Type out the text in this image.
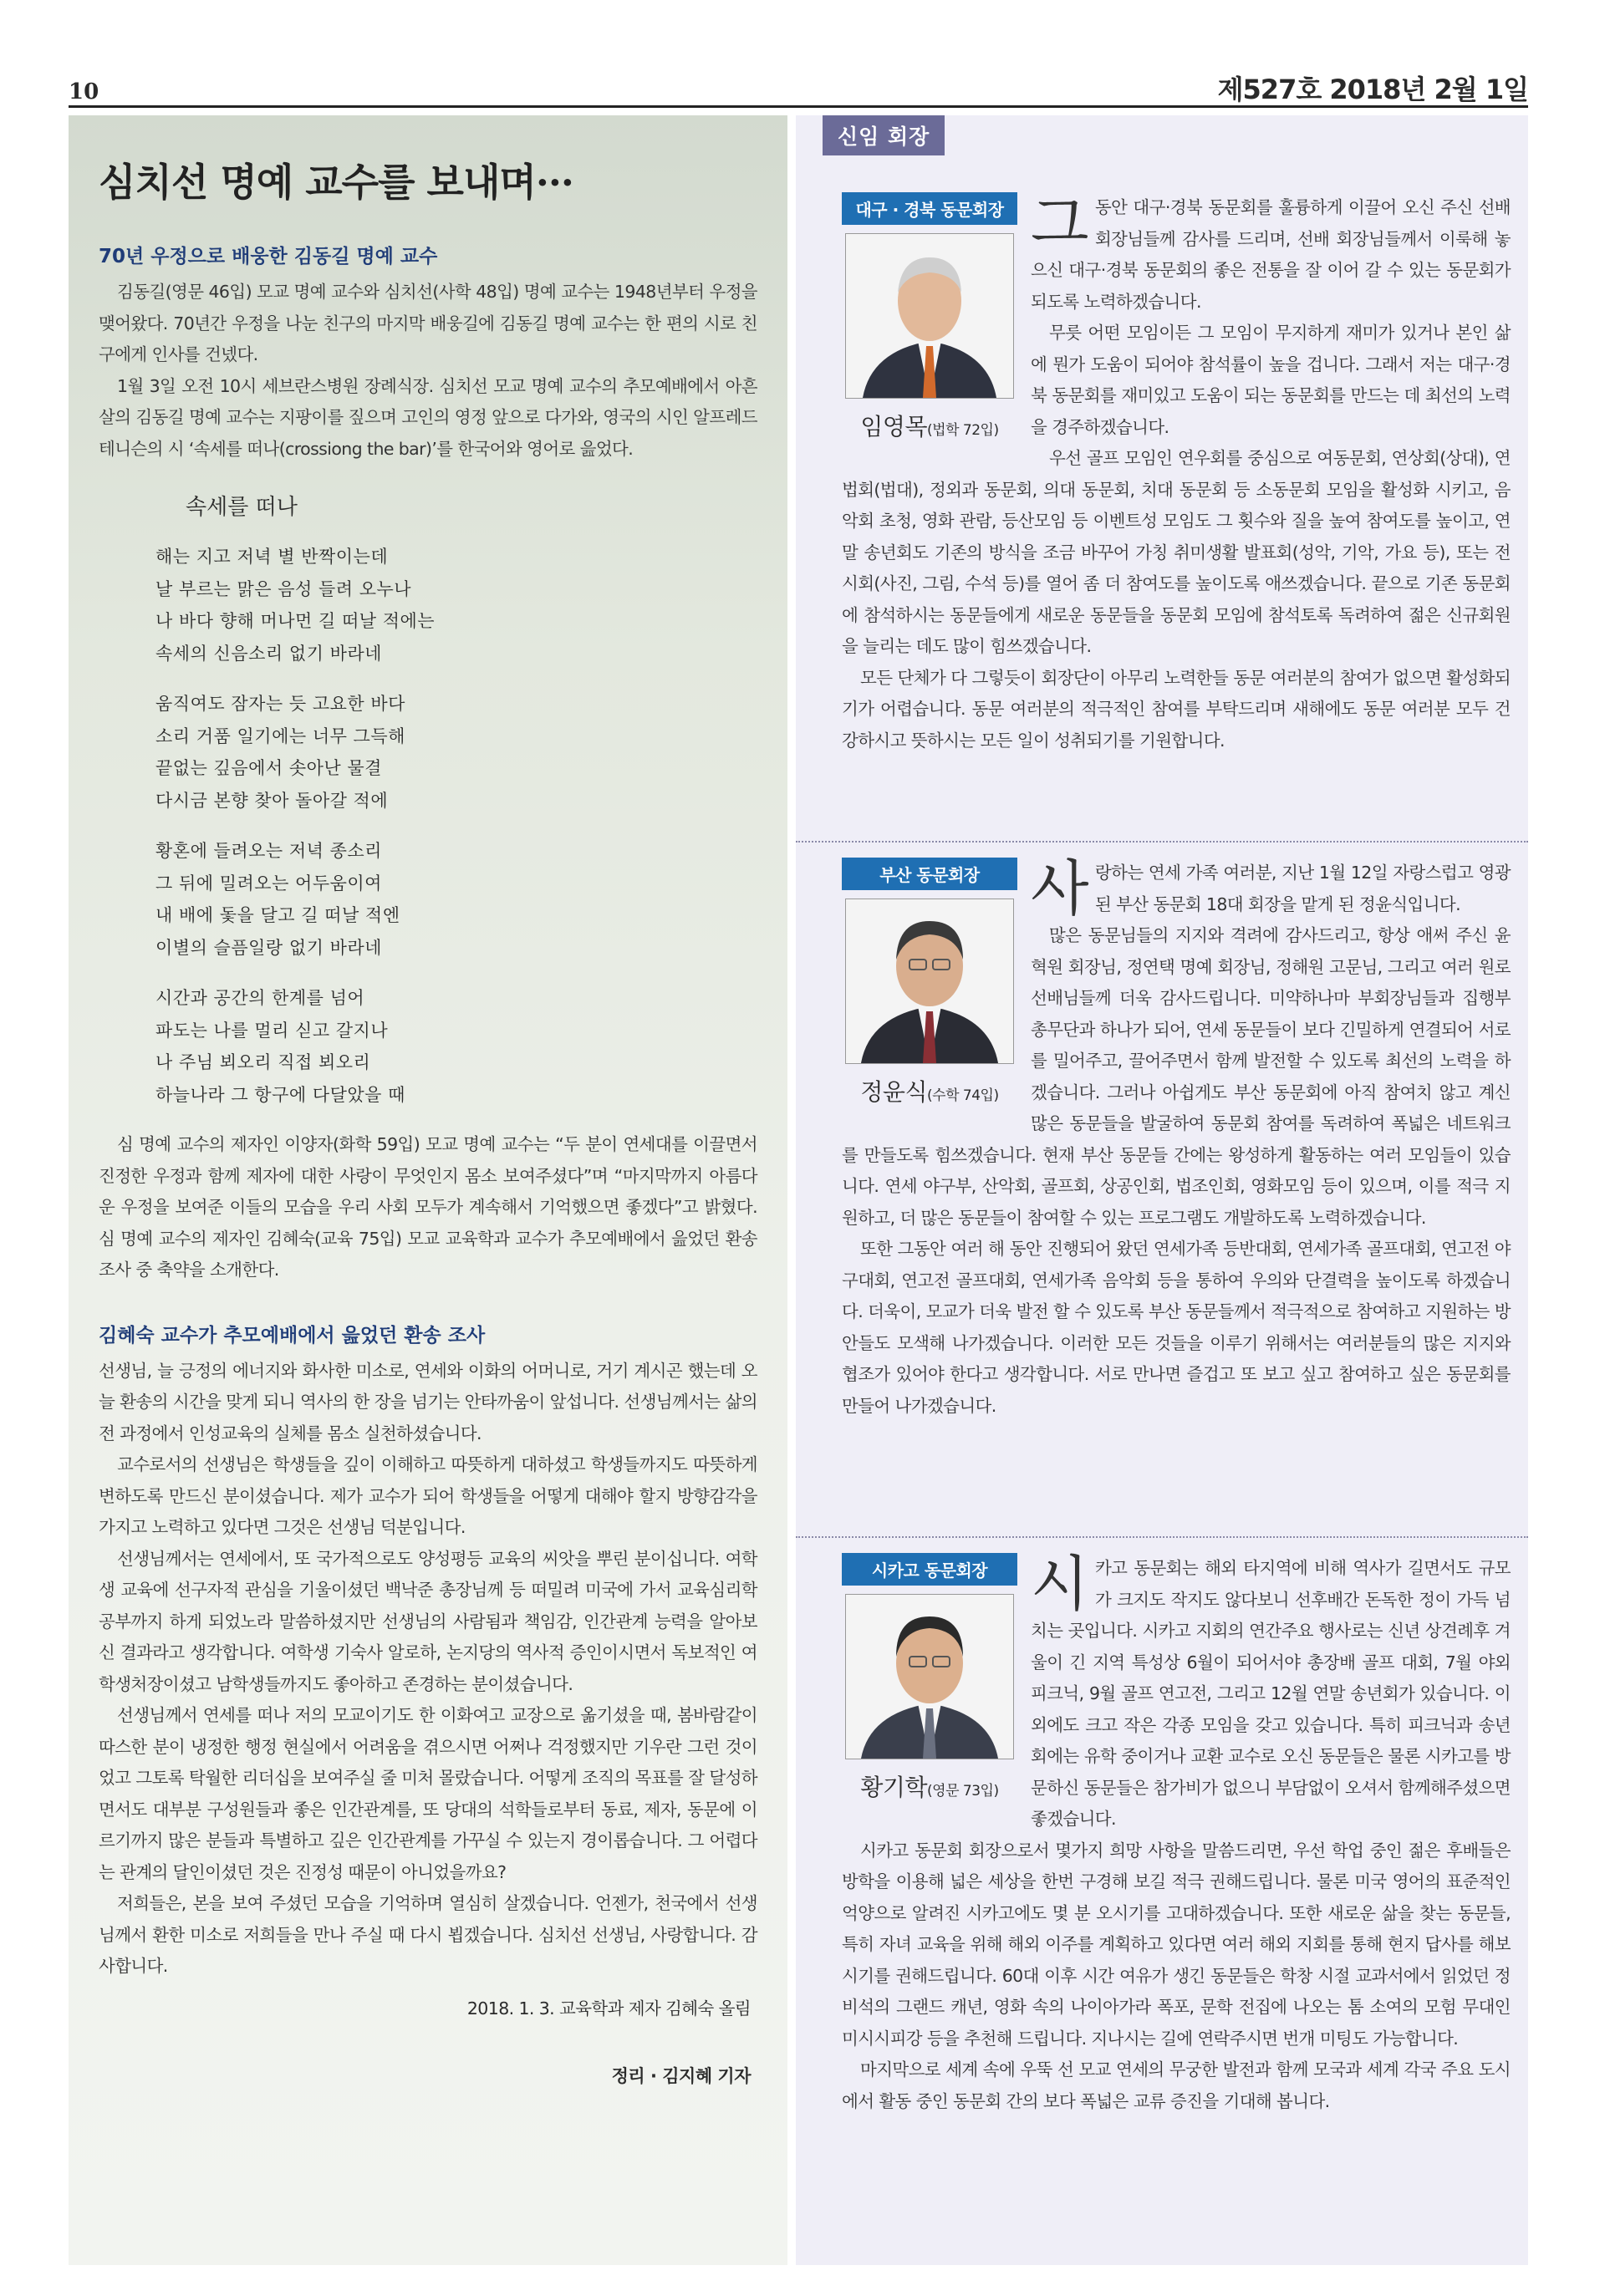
10	제527호 2018년 2월 1일
심치선 명예 교수를 보내며···
70년 우정으로 배웅한 김동길 명예 교수

김동길(영문 46입) 모교 명예 교수와 심치선(사학 48입) 명예 교수는 1948년부터 우정을 맺어왔다. 70년간 우정을 나눈 친구의 마지막 배웅길에 김동길 명예 교수는 한 편의 시로 친구에게 인사를 건넸다.

1월 3일 오전 10시 세브란스병원 장례식장. 심치선 모교 명예 교수의 추모예배에서 아흔 살의 김동길 명예 교수는 지팡이를 짚으며 고인의 영정 앞으로 다가와, 영국의 시인 알프레드 테니슨의 시 ‘속세를 떠나(crossiong the bar)’를 한국어와 영어로 읊었다.

속세를 떠나
해는 지고 저녁 별 반짝이는데
날 부르는 맑은 음성 들려 오누나
나 바다 향해 머나먼 길 떠날 적에는
속세의 신음소리 없기 바라네
움직여도 잠자는 듯 고요한 바다
소리 거품 일기에는 너무 그득해
끝없는 깊음에서 솟아난 물결
다시금 본향 찾아 돌아갈 적에
황혼에 들려오는 저녁 종소리
그 뒤에 밀려오는 어두움이여
내 배에 돛을 달고 길 떠날 적엔
이별의 슬픔일랑 없기 바라네
시간과 공간의 한계를 넘어
파도는 나를 멀리 싣고 갈지나
나 주님 뵈오리 직접 뵈오리
하늘나라 그 항구에 다달았을 때

심 명예 교수의 제자인 이양자(화학 59입) 모교 명예 교수는 “두 분이 연세대를 이끌면서 진정한 우정과 함께 제자에 대한 사랑이 무엇인지 몸소 보여주셨다”며 “마지막까지 아름다운 우정을 보여준 이들의 모습을 우리 사회 모두가 계속해서 기억했으면 좋겠다”고 밝혔다. 심 명예 교수의 제자인 김혜숙(교육 75입) 모교 교육학과 교수가 추모예배에서 읊었던 환송 조사 중 축약을 소개한다.

김혜숙 교수가 추모예배에서 읊었던 환송 조사

선생님, 늘 긍정의 에너지와 화사한 미소로, 연세와 이화의 어머니로, 거기 계시곤 했는데 오늘 환송의 시간을 맞게 되니 역사의 한 장을 넘기는 안타까움이 앞섭니다. 선생님께서는 삶의 전 과정에서 인성교육의 실체를 몸소 실천하셨습니다.

교수로서의 선생님은 학생들을 깊이 이해하고 따뜻하게 대하셨고 학생들까지도 따뜻하게 변하도록 만드신 분이셨습니다. 제가 교수가 되어 학생들을 어떻게 대해야 할지 방향감각을 가지고 노력하고 있다면 그것은 선생님 덕분입니다.

선생님께서는 연세에서, 또 국가적으로도 양성평등 교육의 씨앗을 뿌린 분이십니다. 여학생 교육에 선구자적 관심을 기울이셨던 백낙준 총장님께 등 떠밀려 미국에 가서 교육심리학 공부까지 하게 되었노라 말씀하셨지만 선생님의 사람됨과 책임감, 인간관계 능력을 알아보신 결과라고 생각합니다. 여학생 기숙사 알로하, 논지당의 역사적 증인이시면서 독보적인 여학생처장이셨고 남학생들까지도 좋아하고 존경하는 분이셨습니다.

선생님께서 연세를 떠나 저의 모교이기도 한 이화여고 교장으로 옮기셨을 때, 봄바람같이 따스한 분이 냉정한 행정 현실에서 어려움을 겪으시면 어쩌나 걱정했지만 기우란 그런 것이었고 그토록 탁월한 리더십을 보여주실 줄 미처 몰랐습니다. 어떻게 조직의 목표를 잘 달성하면서도 대부분 구성원들과 좋은 인간관계를, 또 당대의 석학들로부터 동료, 제자, 동문에 이르기까지 많은 분들과 특별하고 깊은 인간관계를 가꾸실 수 있는지 경이롭습니다. 그 어렵다는 관계의 달인이셨던 것은 진정성 때문이 아니었을까요?

저희들은, 본을 보여 주셨던 모습을 기억하며 열심히 살겠습니다. 언젠가, 천국에서 선생님께서 환한 미소로 저희들을 만나 주실 때 다시 뵙겠습니다. 심치선 선생님, 사랑합니다. 감사합니다.

2018. 1. 3. 교육학과 제자 김혜숙 올림
정리 · 김지혜 기자
신임 회장
대구 · 경북 동문회장
임영목(법학 72입)

그동안 대구·경북 동문회를 훌륭하게 이끌어 오신 주신 선배 회장님들께 감사를 드리며, 선배 회장님들께서 이룩해 놓으신 대구·경북 동문회의 좋은 전통을 잘 이어 갈 수 있는 동문회가 되도록 노력하겠습니다.

무릇 어떤 모임이든 그 모임이 무지하게 재미가 있거나 본인 삶에 뭔가 도움이 되어야 참석률이 높을 겁니다. 그래서 저는 대구·경북 동문회를 재미있고 도움이 되는 동문회를 만드는 데 최선의 노력을 경주하겠습니다.

우선 골프 모임인 연우회를 중심으로 여동문회, 연상회(상대), 연법회(법대), 정외과 동문회, 의대 동문회, 치대 동문회 등 소동문회 모임을 활성화 시키고, 음악회 초청, 영화 관람, 등산모임 등 이벤트성 모임도 그 횟수와 질을 높여 참여도를 높이고, 연말 송년회도 기존의 방식을 조금 바꾸어 가칭 취미생활 발표회(성악, 기악, 가요 등), 또는 전시회(사진, 그림, 수석 등)를 열어 좀 더 참여도를 높이도록 애쓰겠습니다. 끝으로 기존 동문회에 참석하시는 동문들에게 새로운 동문들을 동문회 모임에 참석토록 독려하여 젊은 신규회원을 늘리는 데도 많이 힘쓰겠습니다.

모든 단체가 다 그렇듯이 회장단이 아무리 노력한들 동문 여러분의 참여가 없으면 활성화되기가 어렵습니다. 동문 여러분의 적극적인 참여를 부탁드리며 새해에도 동문 여러분 모두 건강하시고 뜻하시는 모든 일이 성취되기를 기원합니다.

부산 동문회장
정윤식(수학 74입)

사랑하는 연세 가족 여러분, 지난 1월 12일 자랑스럽고 영광된 부산 동문회 18대 회장을 맡게 된 정윤식입니다.

많은 동문님들의 지지와 격려에 감사드리고, 항상 애써 주신 윤혁원 회장님, 정연택 명예 회장님, 정해원 고문님, 그리고 여러 원로 선배님들께 더욱 감사드립니다. 미약하나마 부회장님들과 집행부 총무단과 하나가 되어, 연세 동문들이 보다 긴밀하게 연결되어 서로를 밀어주고, 끌어주면서 함께 발전할 수 있도록 최선의 노력을 하겠습니다. 그러나 아쉽게도 부산 동문회에 아직 참여치 않고 계신 많은 동문들을 발굴하여 동문회 참여를 독려하여 폭넓은 네트워크를 만들도록 힘쓰겠습니다. 현재 부산 동문들 간에는 왕성하게 활동하는 여러 모임들이 있습니다. 연세 야구부, 산악회, 골프회, 상공인회, 법조인회, 영화모임 등이 있으며, 이를 적극 지원하고, 더 많은 동문들이 참여할 수 있는 프로그램도 개발하도록 노력하겠습니다.

또한 그동안 여러 해 동안 진행되어 왔던 연세가족 등반대회, 연세가족 골프대회, 연고전 야구대회, 연고전 골프대회, 연세가족 음악회 등을 통하여 우의와 단결력을 높이도록 하겠습니다. 더욱이, 모교가 더욱 발전 할 수 있도록 부산 동문들께서 적극적으로 참여하고 지원하는 방안들도 모색해 나가겠습니다. 이러한 모든 것들을 이루기 위해서는 여러분들의 많은 지지와 협조가 있어야 한다고 생각합니다. 서로 만나면 즐겁고 또 보고 싶고 참여하고 싶은 동문회를 만들어 나가겠습니다.

시카고 동문회장
황기학(영문 73입)

시카고 동문회는 해외 타지역에 비해 역사가 길면서도 규모가 크지도 작지도 않다보니 선후배간 돈독한 정이 가득 넘치는 곳입니다. 시카고 지회의 연간주요 행사로는 신년 상견례후 겨울이 긴 지역 특성상 6월이 되어서야 총장배 골프 대회, 7월 야외 피크닉, 9월 골프 연고전, 그리고 12월 연말 송년회가 있습니다. 이외에도 크고 작은 각종 모임을 갖고 있습니다. 특히 피크닉과 송년회에는 유학 중이거나 교환 교수로 오신 동문들은 물론 시카고를 방문하신 동문들은 참가비가 없으니 부담없이 오셔서 함께해주셨으면 좋겠습니다.

시카고 동문회 회장으로서 몇가지 희망 사항을 말씀드리면, 우선 학업 중인 젊은 후배들은 방학을 이용해 넓은 세상을 한번 구경해 보길 적극 권해드립니다. 물론 미국 영어의 표준적인 억양으로 알려진 시카고에도 몇 분 오시기를 고대하겠습니다. 또한 새로운 삶을 찾는 동문들, 특히 자녀 교육을 위해 해외 이주를 계획하고 있다면 여러 해외 지회를 통해 현지 답사를 해보시기를 권해드립니다. 60대 이후 시간 여유가 생긴 동문들은 학창 시절 교과서에서 읽었던 정비석의 그랜드 캐년, 영화 속의 나이아가라 폭포, 문학 전집에 나오는 톰 소여의 모험 무대인 미시시피강 등을 추천해 드립니다. 지나시는 길에 연락주시면 번개 미팅도 가능합니다.

마지막으로 세계 속에 우뚝 선 모교 연세의 무궁한 발전과 함께 모국과 세계 각국 주요 도시에서 활동 중인 동문회 간의 보다 폭넓은 교류 증진을 기대해 봅니다.
